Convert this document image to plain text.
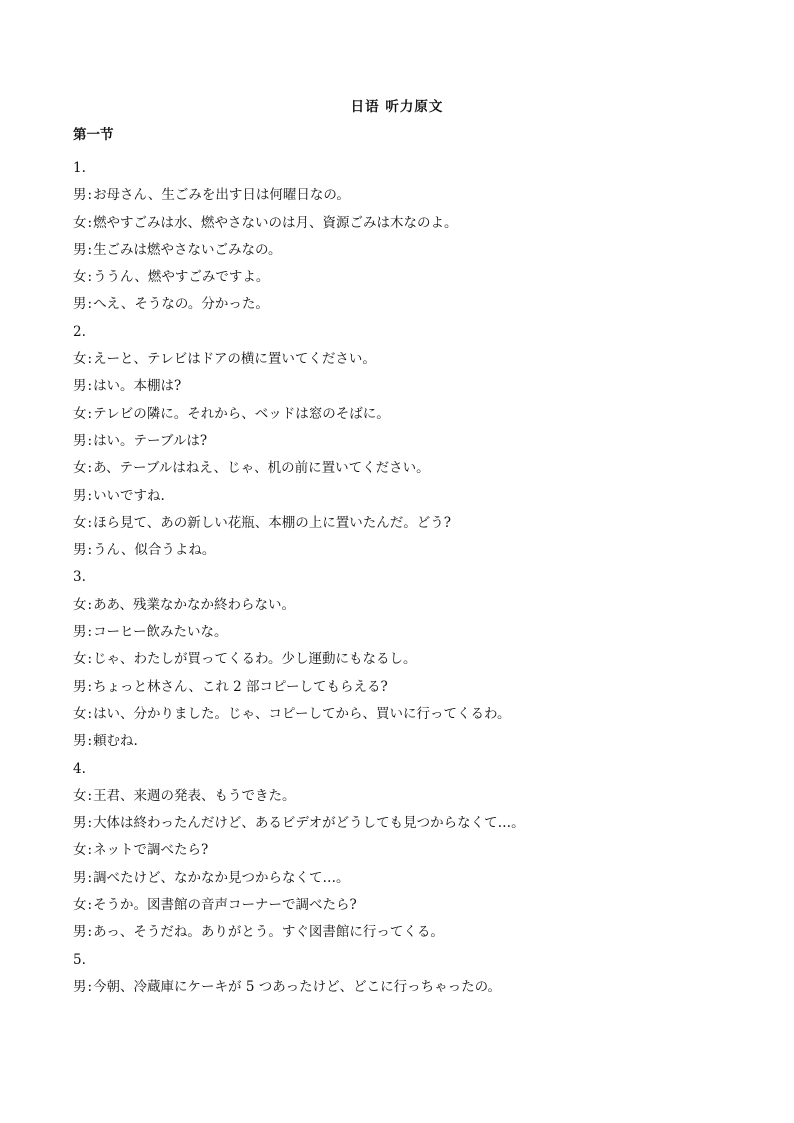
日语 听力原文
第一节
1.
男:お母さん、生ごみを出す日は何曜日なの。
女:燃やすごみは水、燃やさないのは月、資源ごみは木なのよ。
男:生ごみは燃やさないごみなの。
女:ううん、燃やすごみですよ。
男:へえ、そうなの。分かった。
2.
女:えーと、テレビはドアの横に置いてください。
男:はい。本棚は?
女:テレビの隣に。それから、ベッドは窓のそばに。
男:はい。テーブルは?
女:あ、テーブルはねえ、じゃ、机の前に置いてください。
男:いいですね.
女:ほら見て、あの新しい花瓶、本棚の上に置いたんだ。どう?
男:うん、似合うよね。
3.
女:ああ、残業なかなか終わらない。
男:コーヒー飲みたいな。
女:じゃ、わたしが買ってくるわ。少し運動にもなるし。
男:ちょっと林さん、これ 2 部コピーしてもらえる?
女:はい、分かりました。じゃ、コピーしてから、買いに行ってくるわ。
男:頼むね.
4.
女:王君、来週の発表、もうできた。
男:大体は終わったんだけど、あるビデオがどうしても見つからなくて…。
女:ネットで調べたら?
男:調べたけど、なかなか見つからなくて…。
女:そうか。図書館の音声コーナーで調べたら?
男:あっ、そうだね。ありがとう。すぐ図書館に行ってくる。
5.
男:今朝、冷蔵庫にケーキが 5 つあったけど、どこに行っちゃったの。
